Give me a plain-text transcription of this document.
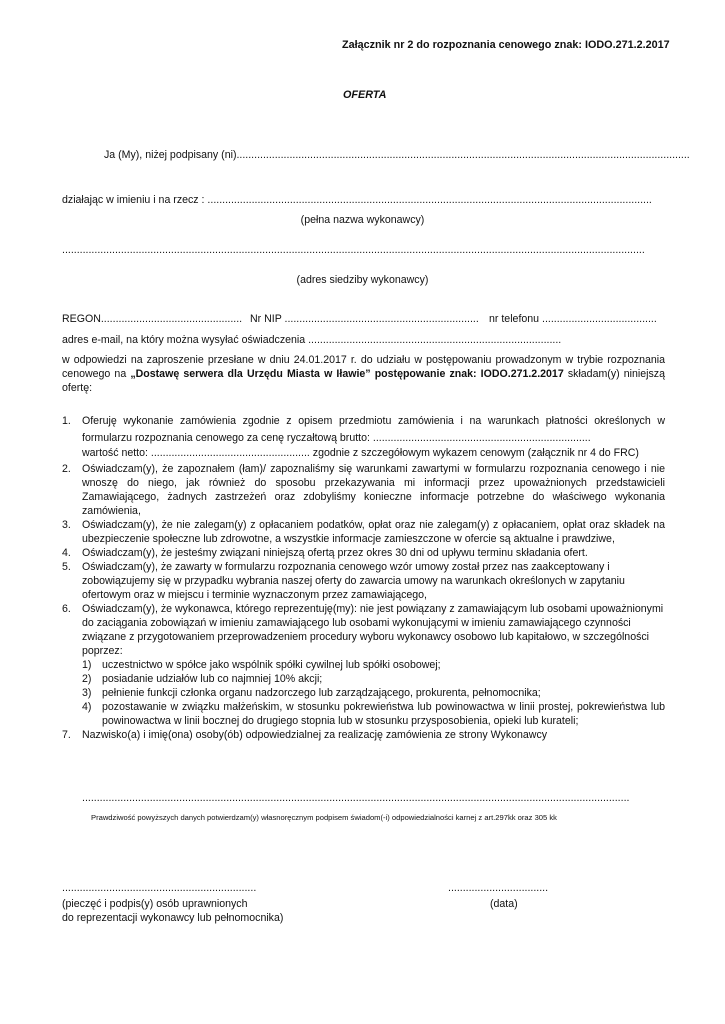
Załącznik nr 2 do rozpoznania cenowego znak: IODO.271.2.2017
OFERTA
Ja (My), niżej podpisany (ni)..........................................................................................................................................................
działając w imieniu i na rzecz : .......................................................................................................................................................
(pełna nazwa wykonawcy)
......................................................................................................................................................................................................
(adres siedziby wykonawcy)
REGON................................................ Nr NIP .................................................................. nr telefonu .......................................
adres e-mail, na który można wysyłać oświadczenia ......................................................................................
w odpowiedzi na zaproszenie przesłane w dniu 24.01.2017 r. do udziału w postępowaniu prowadzonym w trybie rozpoznania cenowego na „Dostawę serwera dla Urzędu Miasta w Iławie” postępowanie znak: IODO.271.2.2017 składam(y) niniejszą ofertę:
1. Oferuję wykonanie zamówienia zgodnie z opisem przedmiotu zamówienia i na warunkach płatności określonych w
formularzu rozpoznania cenowego za cenę ryczałtową brutto: ..........................................................................
wartość netto: ...................................................... zgodnie z szczegółowym wykazem cenowym (załącznik nr 4 do FRC)
2. Oświadczam(y), że zapoznałem (łam)/ zapoznaliśmy się warunkami zawartymi w formularzu rozpoznania cenowego i nie wnoszę do niego, jak również do sposobu przekazywania mi informacji przez upoważnionych przedstawicieli Zamawiającego, żadnych zastrzeżeń oraz zdobyliśmy konieczne informacje potrzebne do właściwego wykonania zamówienia,
3. Oświadczam(y), że nie zalegam(y) z opłacaniem podatków, opłat oraz nie zalegam(y) z opłacaniem, opłat oraz składek na ubezpieczenie społeczne lub zdrowotne, a wszystkie informacje zamieszczone w ofercie są aktualne i prawdziwe,
4. Oświadczam(y), że jesteśmy związani niniejszą ofertą przez okres 30 dni od upływu terminu składania ofert.
5. Oświadczam(y), że zawarty w formularzu rozpoznania cenowego wzór umowy został przez nas zaakceptowany i zobowiązujemy się w przypadku wybrania naszej oferty do zawarcia umowy na warunkach określonych w zapytaniu ofertowym oraz w miejscu i terminie wyznaczonym przez zamawiającego,
6. Oświadczam(y), że wykonawca, którego reprezentuję(my): nie jest powiązany z zamawiającym lub osobami upoważnionymi do zaciągania zobowiązań w imieniu zamawiającego lub osobami wykonującymi w imieniu zamawiającego czynności związane z przygotowaniem przeprowadzeniem procedury wyboru wykonawcy osobowo lub kapitałowo, w szczególności poprzez:
1) uczestnictwo w spółce jako wspólnik spółki cywilnej lub spółki osobowej;
2) posiadanie udziałów lub co najmniej 10% akcji;
3) pełnienie funkcji członka organu nadzorczego lub zarządzającego, prokurenta, pełnomocnika;
4) pozostawanie w związku małżeńskim, w stosunku pokrewieństwa lub powinowactwa w linii prostej, pokrewieństwa lub powinowactwa w linii bocznej do drugiego stopnia lub w stosunku przysposobienia, opieki lub kurateli;
7. Nazwisko(a) i imię(ona) osoby(ób) odpowiedzialnej za realizację zamówienia ze strony Wykonawcy
..........................................................................................................................................................................................
Prawdziwość powyższych danych potwierdzam(y) własnoręcznym podpisem świadom(-i) odpowiedzialności karnej z art.297kk oraz 305 kk
..................................................................
(pieczęć i podpis(y) osób uprawnionych
do reprezentacji wykonawcy lub pełnomocnika)
..................................
(data)
